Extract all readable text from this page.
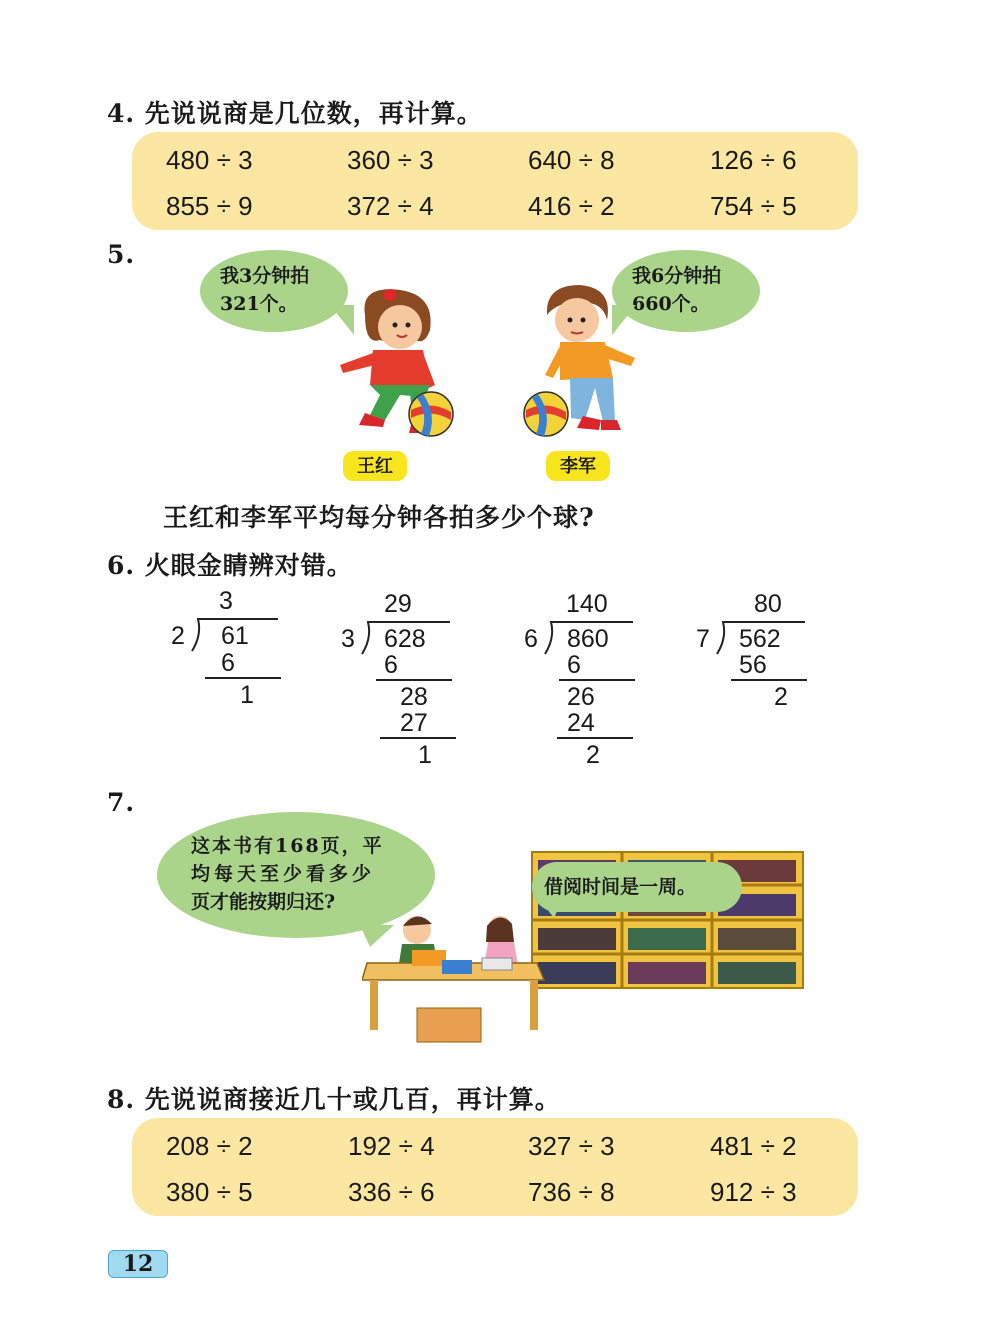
4. 先说说商是几位数，再计算。
480 ÷ 3	360 ÷ 3	640 ÷ 8	126 ÷ 6
855 ÷ 9	372 ÷ 4	416 ÷ 2	754 ÷ 5
5.
我3分钟拍
321个。
我6分钟拍
660个。
王红	李军
王红和李军平均每分钟各拍多少个球?
6. 火眼金睛辨对错。
3
2 61
6
1
29
3 628
6
28
27
1
140
6 860
6
26
24
2
80
7 562
56
2
7.
这本书有168页，平
均每天至少看多少
页才能按期归还?
借阅时间是一周。
8. 先说说商接近几十或几百，再计算。
208 ÷ 2	192 ÷ 4	327 ÷ 3	481 ÷ 2
380 ÷ 5	336 ÷ 6	736 ÷ 8	912 ÷ 3
12
